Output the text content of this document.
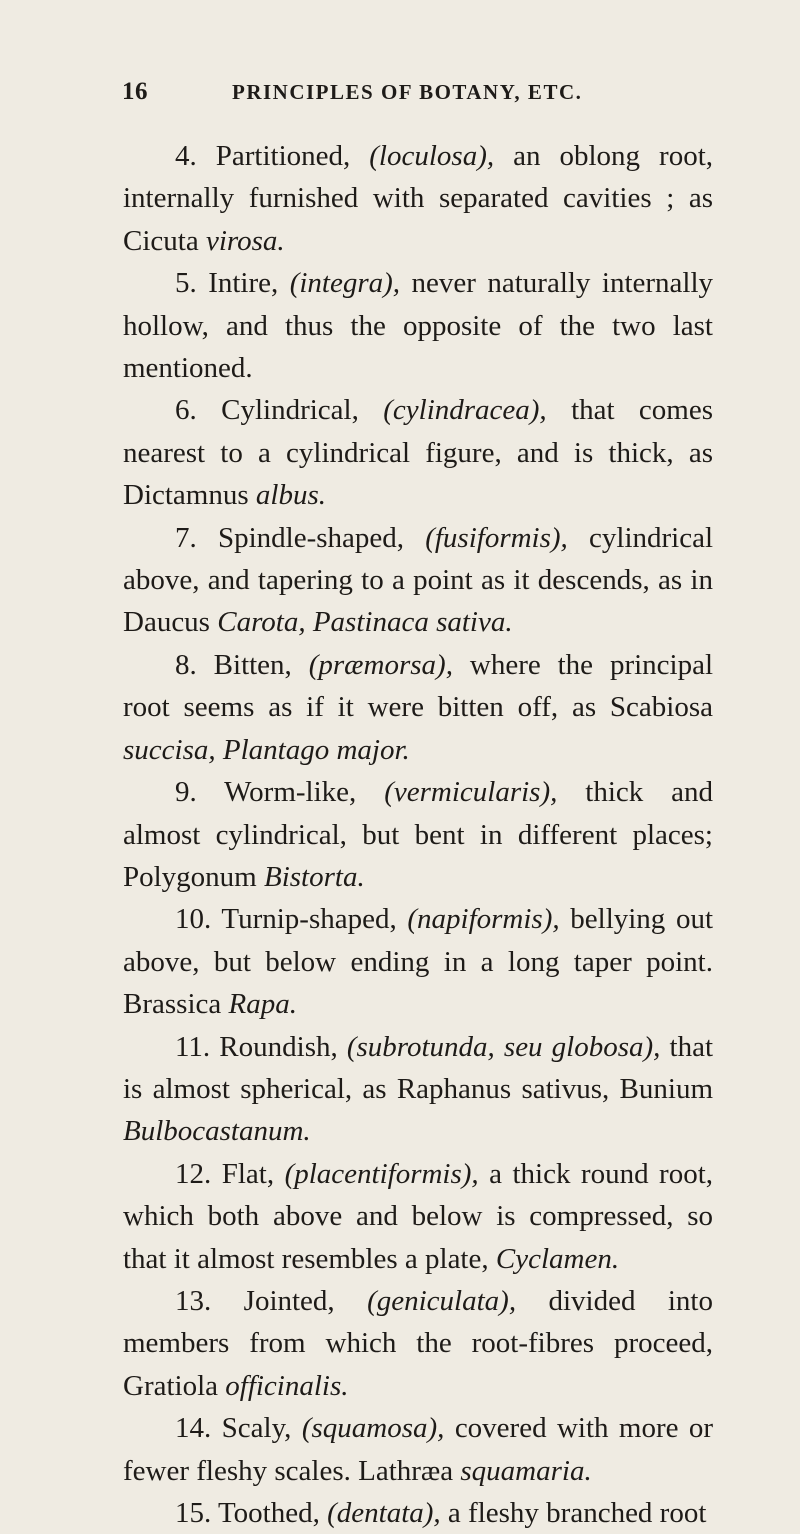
16	PRINCIPLES OF BOTANY, ETC.

4. Partitioned, (loculosa), an oblong root, internally furnished with separated cavities ; as Cicuta virosa.

5. Intire, (integra), never naturally internally hollow, and thus the opposite of the two last mentioned.

6. Cylindrical, (cylindracea), that comes nearest to a cylindrical figure, and is thick, as Dictamnus albus.

7. Spindle-shaped, (fusiformis), cylindrical above, and tapering to a point as it descends, as in Daucus Carota, Pastinaca sativa.

8. Bitten, (præmorsa), where the principal root seems as if it were bitten off, as Scabiosa succisa, Plantago major.

9. Worm-like, (vermicularis), thick and almost cylindrical, but bent in different places; Polygonum Bistorta.

10. Turnip-shaped, (napiformis), bellying out above, but below ending in a long taper point. Brassica Rapa.

11. Roundish, (subrotunda, seu globosa), that is almost spherical, as Raphanus sativus, Bunium Bulbocastanum.

12. Flat, (placentiformis), a thick round root, which both above and below is compressed, so that it almost resembles a plate, Cyclamen.

13. Jointed, (geniculata), divided into members from which the root-fibres proceed, Gratiola officinalis.

14. Scaly, (squamosa), covered with more or fewer fleshy scales. Lathræa squamaria.

15. Toothed, (dentata), a fleshy branched root
